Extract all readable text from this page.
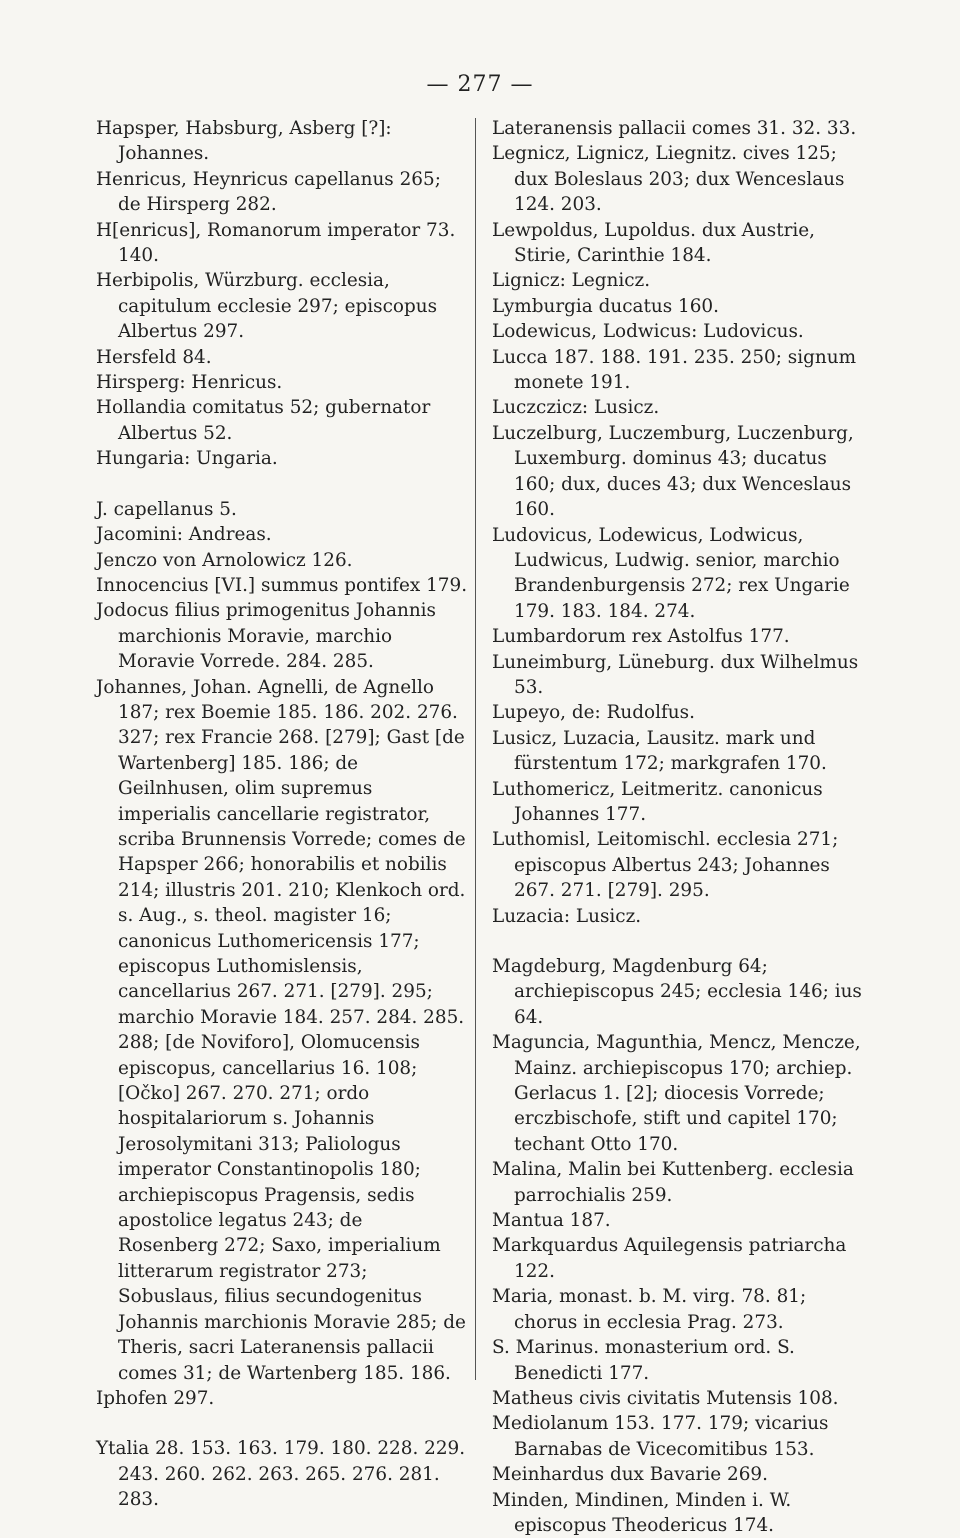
— 277 —

Hapsper, Habsburg, Asberg [?]: Johannes.

Henricus, Heynricus capellanus 265; de Hirsperg 282.

H[enricus], Romanorum imperator 73. 140.

Herbipolis, Würzburg. ecclesia, capitulum ecclesie 297; episcopus Albertus 297.

Hersfeld 84.

Hirsperg: Henricus.

Hollandia comitatus 52; gubernator Albertus 52.

Hungaria: Ungaria.

J. capellanus 5.

Jacomini: Andreas.

Jenczo von Arnolowicz 126.

Innocencius [VI.] summus pontifex 179.

Jodocus filius primogenitus Johannis marchionis Moravie, marchio Moravie Vorrede. 284. 285.

Johannes, Johan. Agnelli, de Agnello 187; rex Boemie 185. 186. 202. 276. 327; rex Francie 268. [279]; Gast [de Wartenberg] 185. 186; de Geilnhusen, olim supremus imperialis cancellarie registrator, scriba Brunnensis Vorrede; comes de Hapsper 266; honorabilis et nobilis 214; illustris 201. 210; Klenkoch ord. s. Aug., s. theol. magister 16; canonicus Luthomericensis 177; episcopus Luthomislensis, cancellarius 267. 271. [279]. 295; marchio Moravie 184. 257. 284. 285. 288; [de Noviforo], Olomucensis episcopus, cancellarius 16. 108; [Očko] 267. 270. 271; ordo hospitalariorum s. Johannis Jerosolymitani 313; Paliologus imperator Constantinopolis 180; archiepiscopus Pragensis, sedis apostolice legatus 243; de Rosenberg 272; Saxo, imperialium litterarum registrator 273; Sobuslaus, filius secundogenitus Johannis marchionis Moravie 285; de Theris, sacri Lateranensis pallacii comes 31; de Wartenberg 185. 186.

Iphofen 297.

Ytalia 28. 153. 163. 179. 180. 228. 229. 243. 260. 262. 263. 265. 276. 281. 283.

Lateranensis pallacii comes 31. 32. 33.

Legnicz, Lignicz, Liegnitz. cives 125; dux Boleslaus 203; dux Wenceslaus 124. 203.

Lewpoldus, Lupoldus. dux Austrie, Stirie, Carinthie 184.

Lignicz: Legnicz.

Lymburgia ducatus 160.

Lodewicus, Lodwicus: Ludovicus.

Lucca 187. 188. 191. 235. 250; signum monete 191.

Luczczicz: Lusicz.

Luczelburg, Luczemburg, Luczenburg, Luxemburg. dominus 43; ducatus 160; dux, duces 43; dux Wenceslaus 160.

Ludovicus, Lodewicus, Lodwicus, Ludwicus, Ludwig. senior, marchio Brandenburgensis 272; rex Ungarie 179. 183. 184. 274.

Lumbardorum rex Astolfus 177.

Luneimburg, Lüneburg. dux Wilhelmus 53.

Lupeyo, de: Rudolfus.

Lusicz, Luzacia, Lausitz. mark und fürstentum 172; markgrafen 170.

Luthomericz, Leitmeritz. canonicus Johannes 177.

Luthomisl, Leitomischl. ecclesia 271; episcopus Albertus 243; Johannes 267. 271. [279]. 295.

Luzacia: Lusicz.

Magdeburg, Magdenburg 64; archiepiscopus 245; ecclesia 146; ius 64.

Maguncia, Magunthia, Mencz, Mencze, Mainz. archiepiscopus 170; archiep. Gerlacus 1. [2]; diocesis Vorrede; erczbischofe, stift und capitel 170; techant Otto 170.

Malina, Malin bei Kuttenberg. ecclesia parrochialis 259.

Mantua 187.

Markquardus Aquilegensis patriarcha 122.

Maria, monast. b. M. virg. 78. 81; chorus in ecclesia Prag. 273.

S. Marinus. monasterium ord. S. Benedicti 177.

Matheus civis civitatis Mutensis 108.

Mediolanum 153. 177. 179; vicarius Barnabas de Vicecomitibus 153.

Meinhardus dux Bavarie 269.

Minden, Mindinen, Minden i. W. episcopus Theodericus 174.
